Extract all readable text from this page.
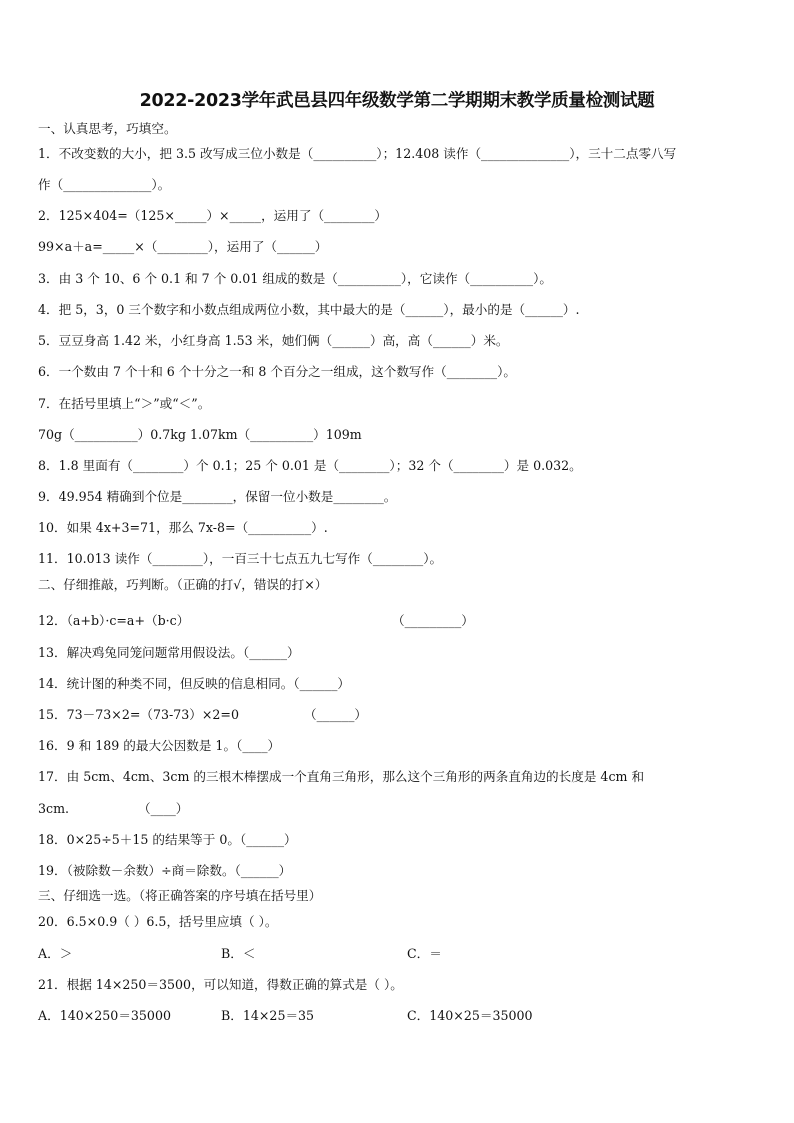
2022-2023学年武邑县四年级数学第二学期期末教学质量检测试题
一、认真思考，巧填空。
1．不改变数的大小，把 3.5 改写成三位小数是（__________）；12.408 读作（______________），三十二点零八写
作（______________）。
2．125×404=（125×_____）×_____，运用了（________）
99×a＋a=_____×（________），运用了（______）
3．由 3 个 10、6 个 0.1 和 7 个 0.01 组成的数是（__________），它读作（__________）。
4．把 5，3，0 三个数字和小数点组成两位小数，其中最大的是（______），最小的是（______）.
5．豆豆身高 1.42 米，小红身高 1.53 米，她们俩（______）高，高（______）米。
6．一个数由 7 个十和 6 个十分之一和 8 个百分之一组成，这个数写作（________）。
7．在括号里填上“＞”或“＜”。
70g（__________）0.7kg 1.07km（__________）109m
8．1.8 里面有（________）个 0.1；25 个 0.01 是（________）；32 个（________）是 0.032。
9．49.954 精确到个位是________，保留一位小数是________。
10．如果 4x+3=71，那么 7x-8=（__________）.
11．10.013 读作（________），一百三十七点五九七写作（________）。
二、仔细推敲，巧判断。（正确的打√，错误的打×）
12．（a+b）·c=a+（b·c）	（_________）
13．解决鸡兔同笼问题常用假设法。（______）
14．统计图的种类不同，但反映的信息相同。（______）
15．73－73×2=（73-73）×2=0	（______）
16．9 和 189 的最大公因数是 1。（____）
17．由 5cm、4cm、3cm 的三根木棒摆成一个直角三角形，那么这个三角形的两条直角边的长度是 4cm 和
3cm.	（____）
18．0×25÷5＋15 的结果等于 0。（______）
19．（被除数－余数）÷商＝除数。（______）
三、仔细选一选。（将正确答案的序号填在括号里）
20．6.5×0.9（ ）6.5，括号里应填（ ）。
A．＞	B．＜	C．＝
21．根据 14×250＝3500，可以知道，得数正确的算式是（ ）。
A．140×250＝35000	B．14×25＝35	C．140×25＝35000
